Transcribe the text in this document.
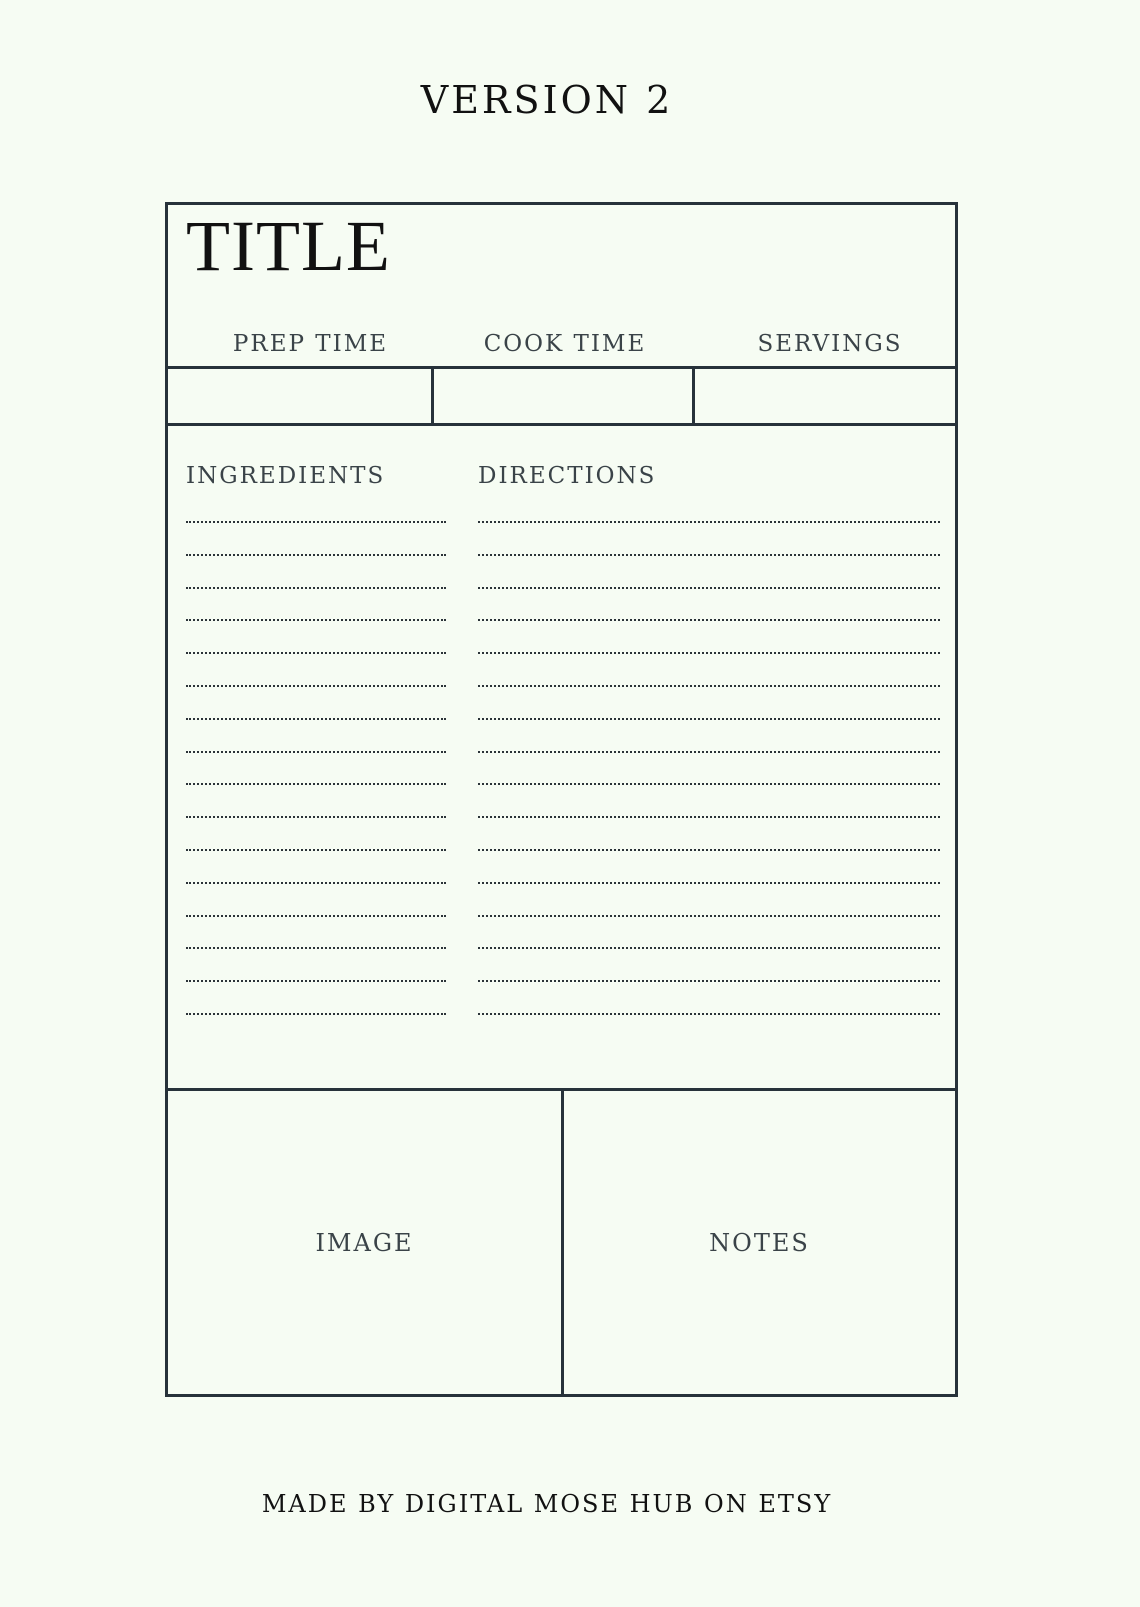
VERSION 2
TITLE
PREP TIME	COOK TIME	SERVINGS
INGREDIENTS	DIRECTIONS
IMAGE	NOTES
MADE BY DIGITAL MOSE HUB ON ETSY
